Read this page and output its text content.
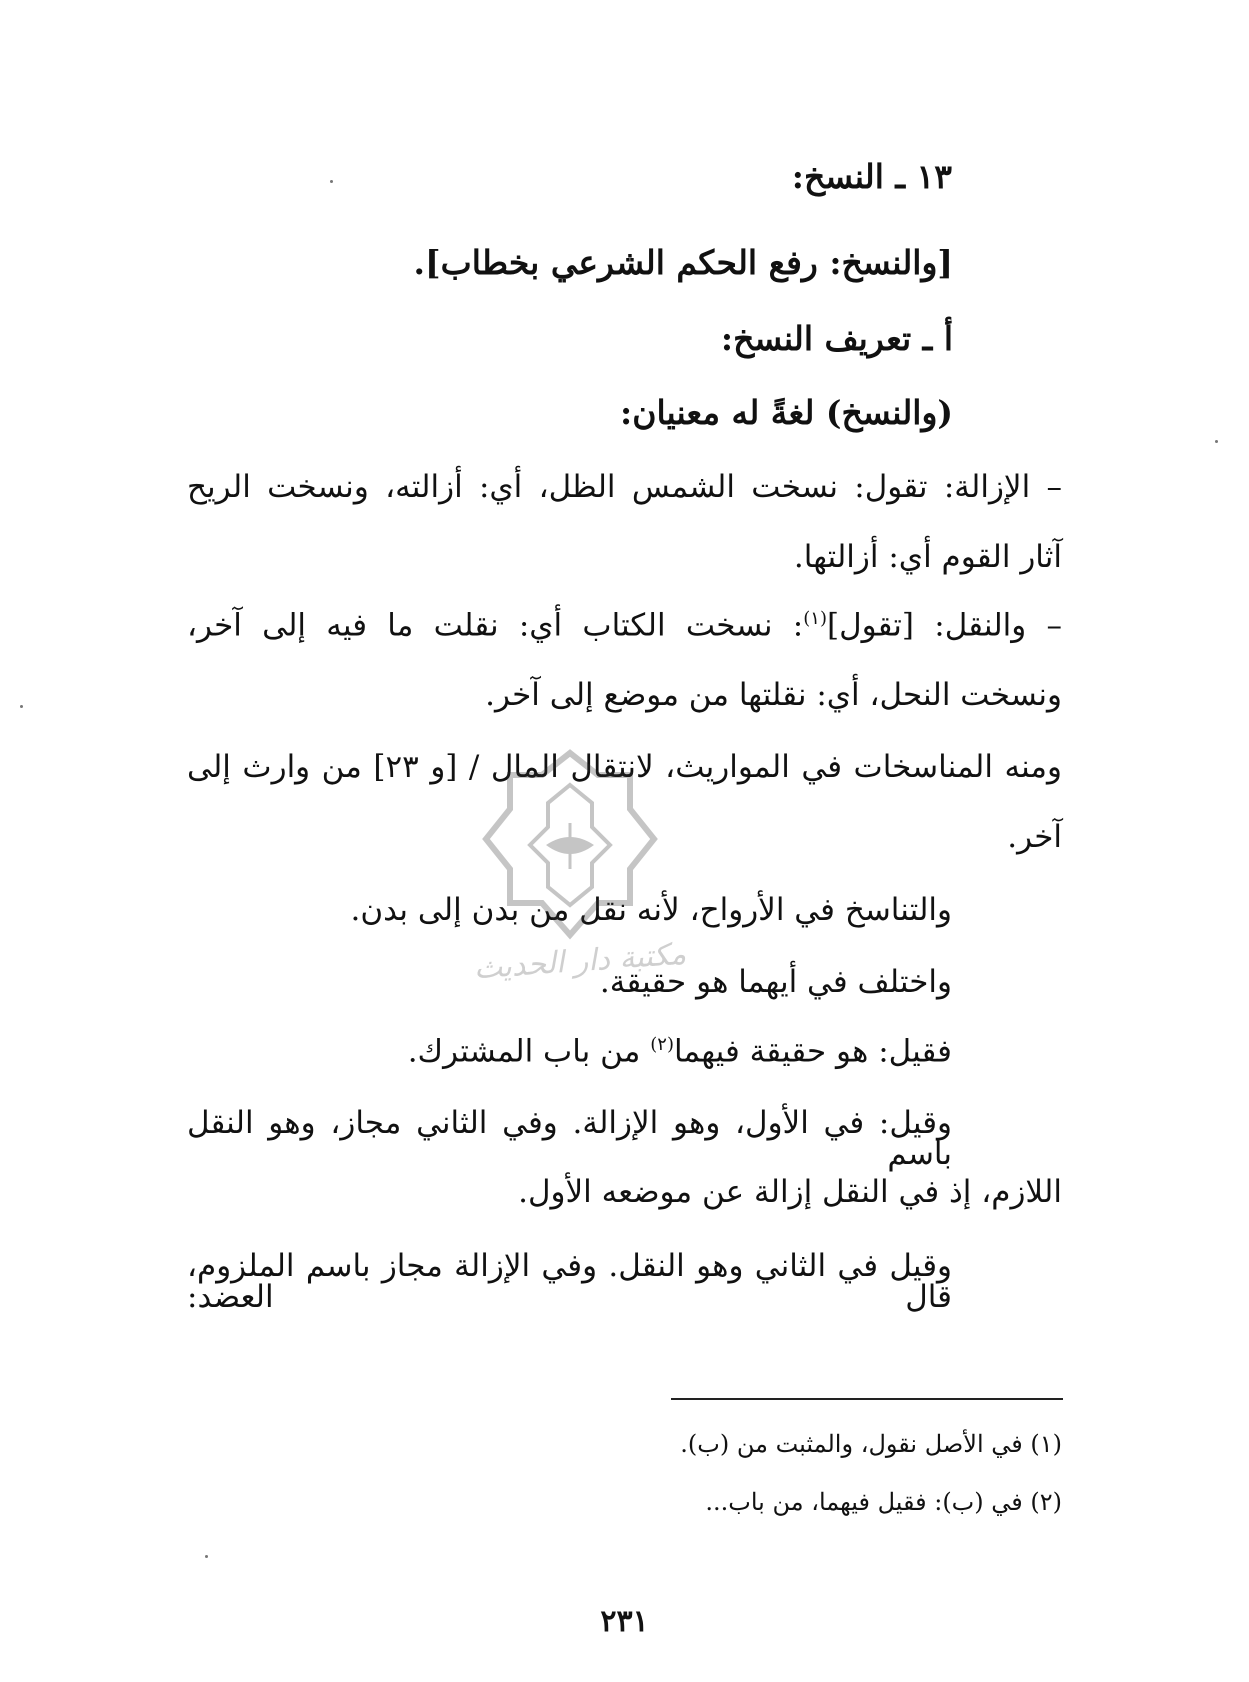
١٣ ـ النسخ:
[والنسخ: رفع الحكم الشرعي بخطاب].
أ ـ تعريف النسخ:
(والنسخ) لغةً له معنيان:
– الإزالة: تقول: نسخت الشمس الظل، أي: أزالته، ونسخت الريح
آثار القوم أي: أزالتها.
– والنقل: [تقول]$^{(١)}$: نسخت الكتاب أي: نقلت ما فيه إلى آخر،
ونسخت النحل، أي: نقلتها من موضع إلى آخر.
ومنه المناسخات في المواريث، لانتقال المال / [و ٢٣] من وارث إلى
آخر.
والتناسخ في الأرواح، لأنه نقل من بدن إلى بدن.
واختلف في أيهما هو حقيقة.
فقيل: هو حقيقة فيهما$^{(٢)}$ من باب المشترك.
وقيل: في الأول، وهو الإزالة. وفي الثاني مجاز، وهو النقل باسم
اللازم، إذ في النقل إزالة عن موضعه الأول.
وقيل في الثاني وهو النقل. وفي الإزالة مجاز باسم الملزوم، قال العضد:
(١) في الأصل نقول، والمثبت من (ب).
(٢) في (ب): فقيل فيهما، من باب...
٢٣١
مكتبة دار الحديث
